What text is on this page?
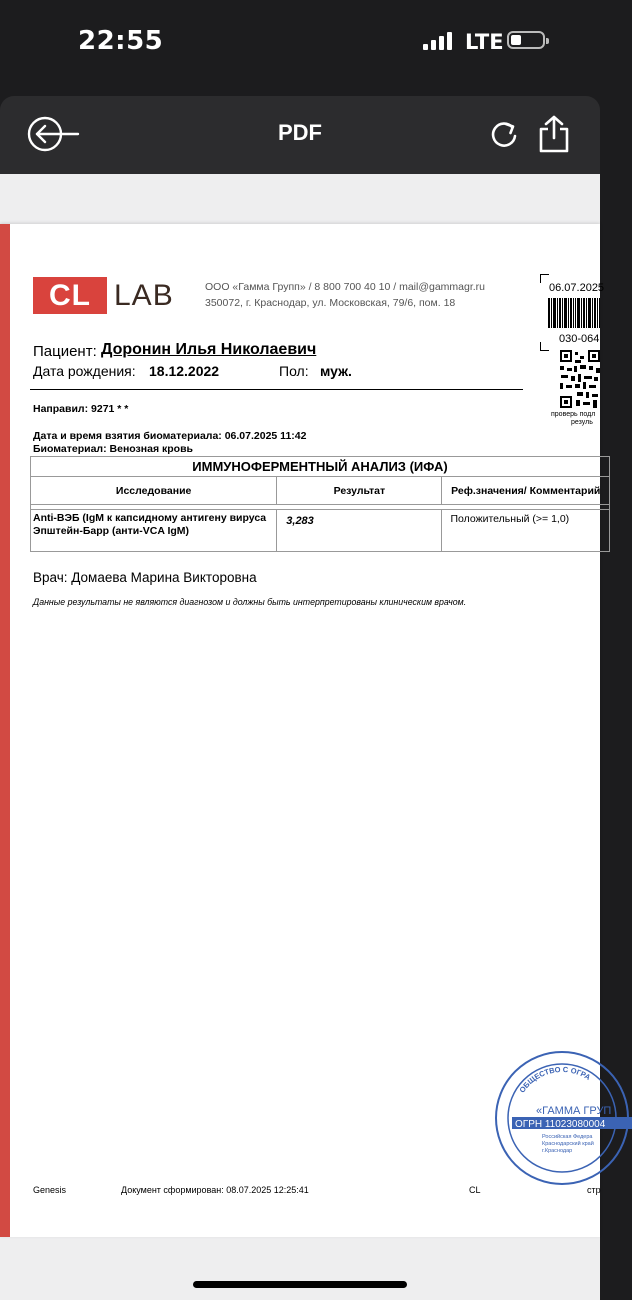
22:55	LTE
PDF
CL LAB	ООО «Гамма Групп» / 8 800 700 40 10 / mail@gammagr.ru
350072, г. Краснодар, ул. Московская, 79/6, пом. 18
06.07.2025
030-064
проверь подл
резуль
Пациент: Доронин Илья Николаевич
Дата рождения: 18.12.2022	Пол: муж.
Направил: 9271 * *
Дата и время взятия биоматериала: 06.07.2025 11:42
Биоматериал: Венозная кровь
ИММУНОФЕРМЕНТНЫЙ АНАЛИЗ (ИФА)		
Исследование	Результат	Реф.значения/ Комментарий

Anti-ВЭБ (IgM к капсидному антигену вируса Эпштейн-Барр (анти-VCA IgM)	3,283	Положительный (>= 1,0)
Врач: Домаева Марина Викторовна
Данные результаты не являются диагнозом и должны быть интерпретированы клиническим врачом.
ОБЩЕСТВО С ОГРА
«ГАММА ГРУП
ОГРН 11023080004
Российская Федера
Краснодарский край
г.Краснодар
Genesis	Документ сформирован: 08.07.2025 12:25:41	CL	стр
